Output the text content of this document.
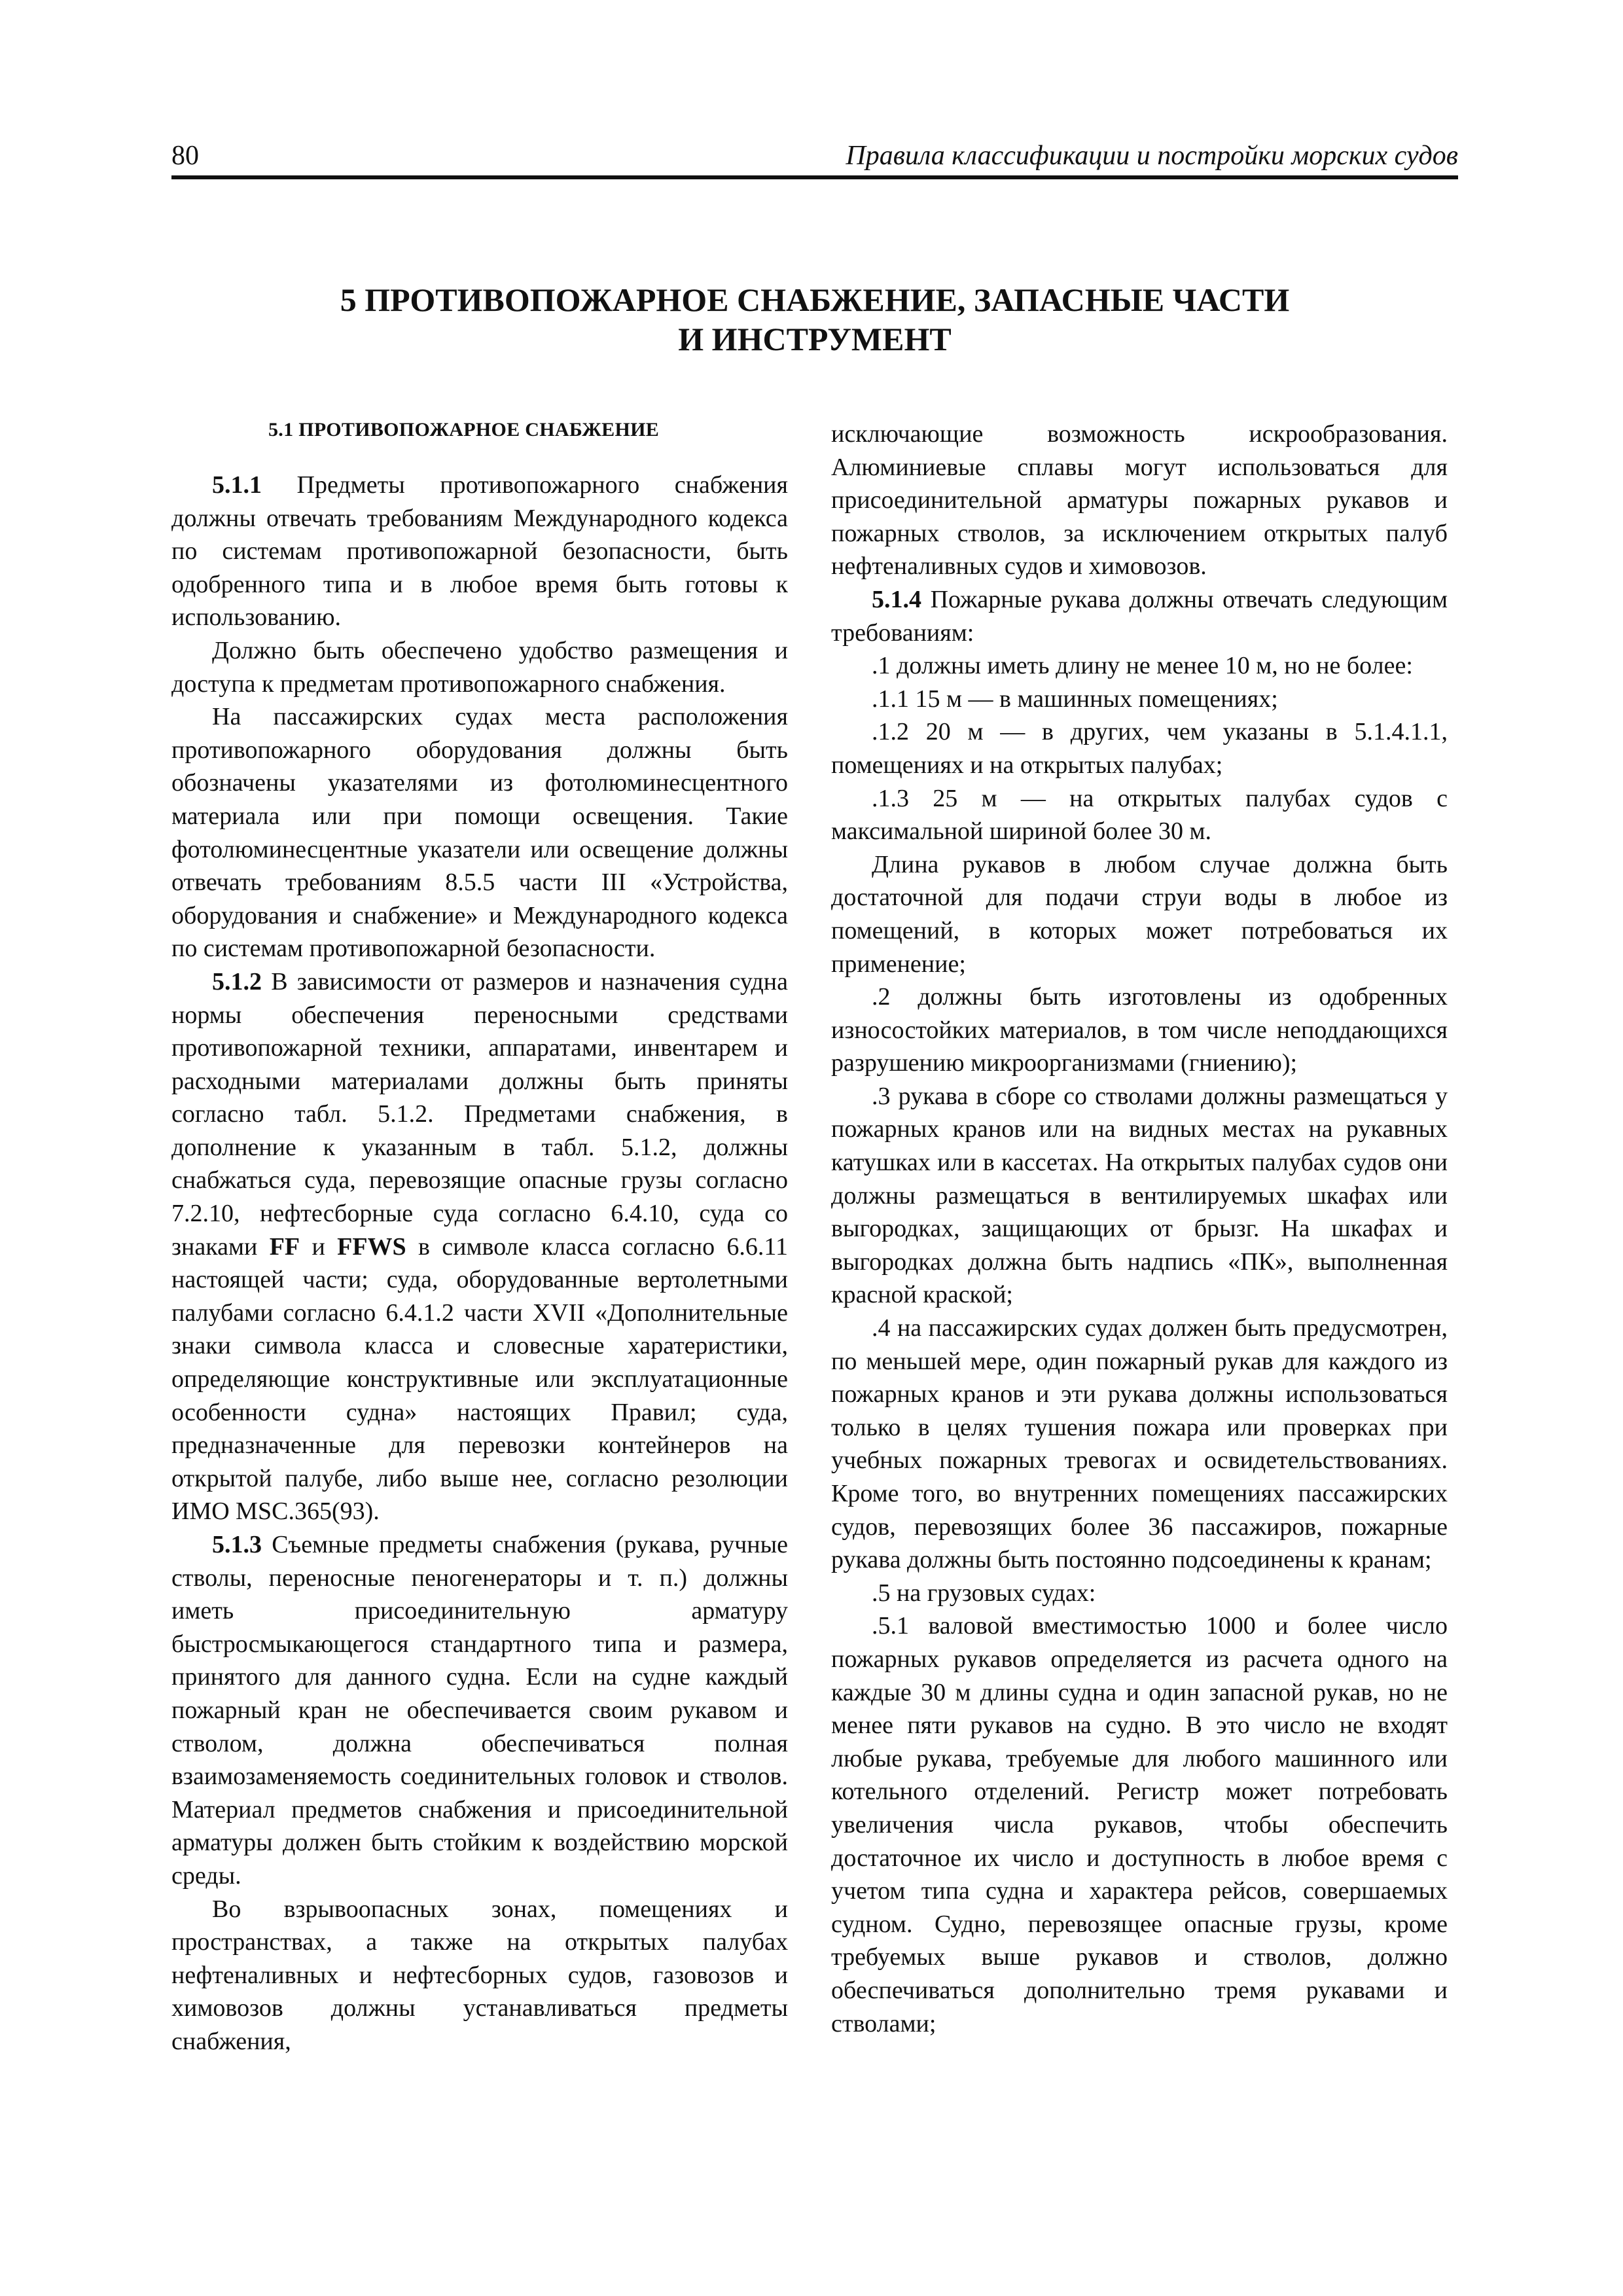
80	Правила классификации и постройки морских судов
5 ПРОТИВОПОЖАРНОЕ СНАБЖЕНИЕ, ЗАПАСНЫЕ ЧАСТИ
И ИНСТРУМЕНТ
5.1 ПРОТИВОПОЖАРНОЕ СНАБЖЕНИЕ

5.1.1 Предметы противопожарного снабжения должны отвечать требованиям Международного кодекса по системам противопожарной безопасности, быть одобренного типа и в любое время быть готовы к использованию.

Должно быть обеспечено удобство размещения и доступа к предметам противопожарного снабжения.

На пассажирских судах места расположения противопожарного оборудования должны быть обозначены указателями из фотолюминесцентного материала или при помощи освещения. Такие фотолюминесцентные указатели или освещение должны отвечать требованиям 8.5.5 части III «Устройства, оборудования и снабжение» и Международного кодекса по системам противопожарной безопасности.

5.1.2 В зависимости от размеров и назначения судна нормы обеспечения переносными средствами противопожарной техники, аппаратами, инвентарем и расходными материалами должны быть приняты согласно табл. 5.1.2. Предметами снабжения, в дополнение к указанным в табл. 5.1.2, должны снабжаться суда, перевозящие опасные грузы согласно 7.2.10, нефтесборные суда согласно 6.4.10, суда со знаками FF и FFWS в символе класса согласно 6.6.11 настоящей части; суда, оборудованные вертолетными палубами согласно 6.4.1.2 части XVII «Дополнительные знаки символа класса и словесные харатеристики, определяющие конструктивные или эксплуатационные особенности судна» настоящих Правил; суда, предназначенные для перевозки контейнеров на открытой палубе, либо выше нее, согласно резолюции ИМО MSC.365(93).

5.1.3 Съемные предметы снабжения (рукава, ручные стволы, переносные пеногенераторы и т. п.) должны иметь присоединительную арматуру быстросмыкающегося стандартного типа и размера, принятого для данного судна. Если на судне каждый пожарный кран не обеспечивается своим рукавом и стволом, должна обеспечиваться полная взаимозаменяемость соединительных головок и стволов. Материал предметов снабжения и присоединительной арматуры должен быть стойким к воздействию морской среды.

Во взрывоопасных зонах, помещениях и пространствах, а также на открытых палубах нефтеналивных и нефтесборных судов, газовозов и химовозов должны устанавливаться предметы снабжения,

исключающие возможность искрообразования. Алюминиевые сплавы могут использоваться для присоединительной арматуры пожарных рукавов и пожарных стволов, за исключением открытых палуб нефтеналивных судов и химовозов.

5.1.4 Пожарные рукава должны отвечать следующим требованиям:

.1 должны иметь длину не менее 10 м, но не более:

.1.1 15 м — в машинных помещениях;

.1.2 20 м — в других, чем указаны в 5.1.4.1.1, помещениях и на открытых палубах;

.1.3 25 м — на открытых палубах судов с максимальной шириной более 30 м.

Длина рукавов в любом случае должна быть достаточной для подачи струи воды в любое из помещений, в которых может потребоваться их применение;

.2 должны быть изготовлены из одобренных износостойких материалов, в том числе неподдающихся разрушению микроорганизмами (гниению);

.3 рукава в сборе со стволами должны размещаться у пожарных кранов или на видных местах на рукавных катушках или в кассетах. На открытых палубах судов они должны размещаться в вентилируемых шкафах или выгородках, защищающих от брызг. На шкафах и выгородках должна быть надпись «ПК», выполненная красной краской;

.4 на пассажирских судах должен быть предусмотрен, по меньшей мере, один пожарный рукав для каждого из пожарных кранов и эти рукава должны использоваться только в целях тушения пожара или проверках при учебных пожарных тревогах и освидетельствованиях. Кроме того, во внутренних помещениях пассажирских судов, перевозящих более 36 пассажиров, пожарные рукава должны быть постоянно подсоединены к кранам;

.5 на грузовых судах:

.5.1 валовой вместимостью 1000 и более число пожарных рукавов определяется из расчета одного на каждые 30 м длины судна и один запасной рукав, но не менее пяти рукавов на судно. В это число не входят любые рукава, требуемые для любого машинного или котельного отделений. Регистр может потребовать увеличения числа рукавов, чтобы обеспечить достаточное их число и доступность в любое время с учетом типа судна и характера рейсов, совершаемых судном. Судно, перевозящее опасные грузы, кроме требуемых выше рукавов и стволов, должно обеспечиваться дополнительно тремя рукавами и стволами;
